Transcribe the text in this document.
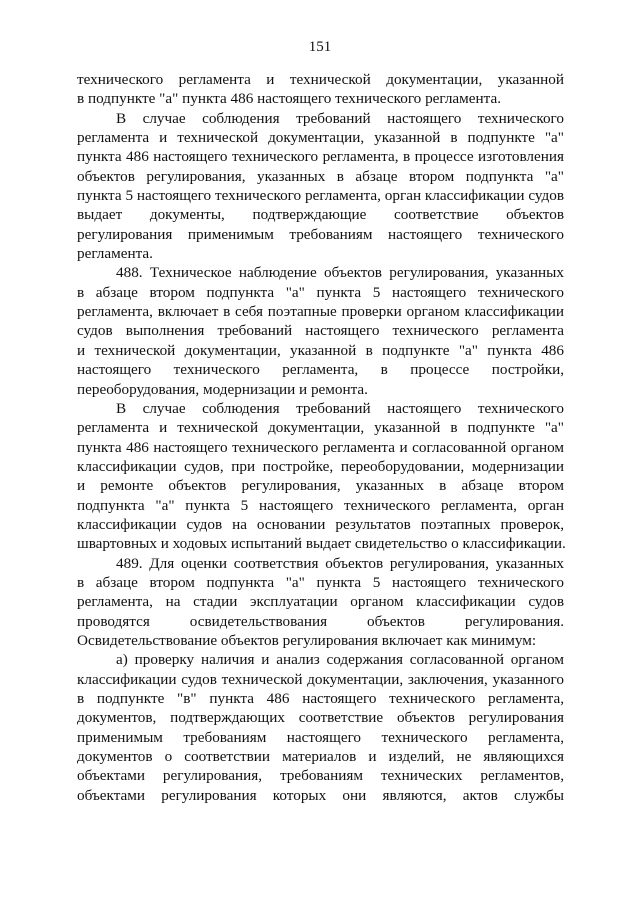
151
технического регламента и технической документации, указанной
в подпункте "а" пункта 486 настоящего технического регламента.
В случае соблюдения требований настоящего технического
регламента и технической документации, указанной в подпункте "а"
пункта 486 настоящего технического регламента, в процессе изготовления
объектов регулирования, указанных в абзаце втором подпункта "а"
пункта 5 настоящего технического регламента, орган классификации судов
выдает документы, подтверждающие соответствие объектов
регулирования применимым требованиям настоящего технического
регламента.
488. Техническое наблюдение объектов регулирования, указанных
в абзаце втором подпункта "а" пункта 5 настоящего технического
регламента, включает в себя поэтапные проверки органом классификации
судов выполнения требований настоящего технического регламента
и технической документации, указанной в подпункте "а" пункта 486
настоящего технического регламента, в процессе постройки,
переоборудования, модернизации и ремонта.
В случае соблюдения требований настоящего технического
регламента и технической документации, указанной в подпункте "а"
пункта 486 настоящего технического регламента и согласованной органом
классификации судов, при постройке, переоборудовании, модернизации
и ремонте объектов регулирования, указанных в абзаце втором
подпункта "а" пункта 5 настоящего технического регламента, орган
классификации судов на основании результатов поэтапных проверок,
швартовных и ходовых испытаний выдает свидетельство о классификации.
489. Для оценки соответствия объектов регулирования, указанных
в абзаце втором подпункта "а" пункта 5 настоящего технического
регламента, на стадии эксплуатации органом классификации судов
проводятся освидетельствования объектов регулирования.
Освидетельствование объектов регулирования включает как минимум:
а) проверку наличия и анализ содержания согласованной органом
классификации судов технической документации, заключения, указанного
в подпункте "в" пункта 486 настоящего технического регламента,
документов, подтверждающих соответствие объектов регулирования
применимым требованиям настоящего технического регламента,
документов о соответствии материалов и изделий, не являющихся
объектами регулирования, требованиям технических регламентов,
объектами регулирования которых они являются, актов службы
